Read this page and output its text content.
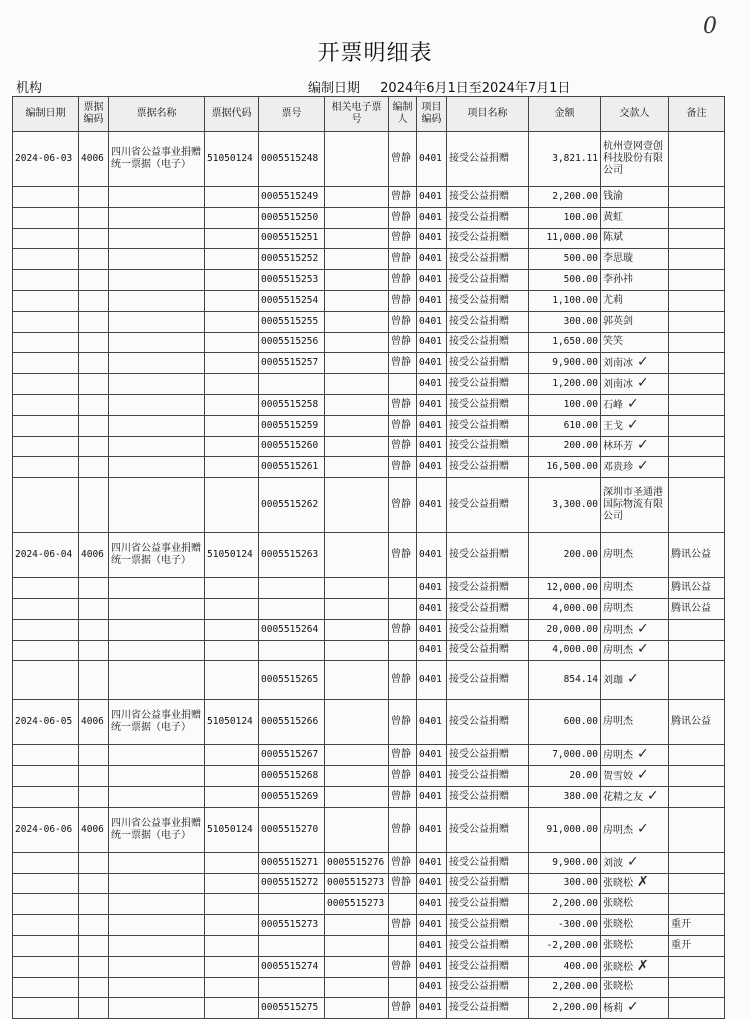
0
开票明细表
机构	编制日期 2024年6月1日至2024年7月1日
编制日期	票据编码	票据名称	票据代码	票号	相关电子票号	编制人	项目编码	项目名称	金额	交款人	备注
2024-06-03	4006	四川省公益事业捐赠统一票据（电子）	51050124	0005515248		曾静	0401	接受公益捐赠	3,821.11	杭州壹网壹创科技股份有限公司	
				0005515249		曾静	0401	接受公益捐赠	2,200.00	钱渝	
				0005515250		曾静	0401	接受公益捐赠	100.00	黄虹	
				0005515251		曾静	0401	接受公益捐赠	11,000.00	陈斌	
				0005515252		曾静	0401	接受公益捐赠	500.00	李思璇	
				0005515253		曾静	0401	接受公益捐赠	500.00	李孙祎	
				0005515254		曾静	0401	接受公益捐赠	1,100.00	尤莉	
				0005515255		曾静	0401	接受公益捐赠	300.00	郭英剑	
				0005515256		曾静	0401	接受公益捐赠	1,650.00	笑笑	
				0005515257		曾静	0401	接受公益捐赠	9,900.00	刘南冰 ✓	
							0401	接受公益捐赠	1,200.00	刘南冰 ✓	
				0005515258		曾静	0401	接受公益捐赠	100.00	石峰 ✓	
				0005515259		曾静	0401	接受公益捐赠	610.00	王戈 ✓	
				0005515260		曾静	0401	接受公益捐赠	200.00	林环芳 ✓	
				0005515261		曾静	0401	接受公益捐赠	16,500.00	邓贵珍 ✓	
				0005515262		曾静	0401	接受公益捐赠	3,300.00	深圳市圣通港国际物流有限公司	
2024-06-04	4006	四川省公益事业捐赠统一票据（电子）	51050124	0005515263		曾静	0401	接受公益捐赠	200.00	房明杰	腾讯公益
							0401	接受公益捐赠	12,000.00	房明杰	腾讯公益
							0401	接受公益捐赠	4,000.00	房明杰	腾讯公益
				0005515264		曾静	0401	接受公益捐赠	20,000.00	房明杰 ✓	
							0401	接受公益捐赠	4,000.00	房明杰 ✓	
				0005515265		曾静	0401	接受公益捐赠	854.14	刘珈 ✓	
2024-06-05	4006	四川省公益事业捐赠统一票据（电子）	51050124	0005515266		曾静	0401	接受公益捐赠	600.00	房明杰	腾讯公益
				0005515267		曾静	0401	接受公益捐赠	7,000.00	房明杰 ✓	
				0005515268		曾静	0401	接受公益捐赠	20.00	贺雪姣 ✓	
				0005515269		曾静	0401	接受公益捐赠	380.00	花精之友 ✓	
2024-06-06	4006	四川省公益事业捐赠统一票据（电子）	51050124	0005515270		曾静	0401	接受公益捐赠	91,000.00	房明杰 ✓	
				0005515271	0005515276	曾静	0401	接受公益捐赠	9,900.00	刘波 ✓	
				0005515272	0005515273	曾静	0401	接受公益捐赠	300.00	张晓松 ✗	
					0005515273		0401	接受公益捐赠	2,200.00	张晓松	
				0005515273		曾静	0401	接受公益捐赠	-300.00	张晓松	重开
							0401	接受公益捐赠	-2,200.00	张晓松	重开
				0005515274		曾静	0401	接受公益捐赠	400.00	张晓松 ✗	
							0401	接受公益捐赠	2,200.00	张晓松	
				0005515275		曾静	0401	接受公益捐赠	2,200.00	杨莉 ✓	
